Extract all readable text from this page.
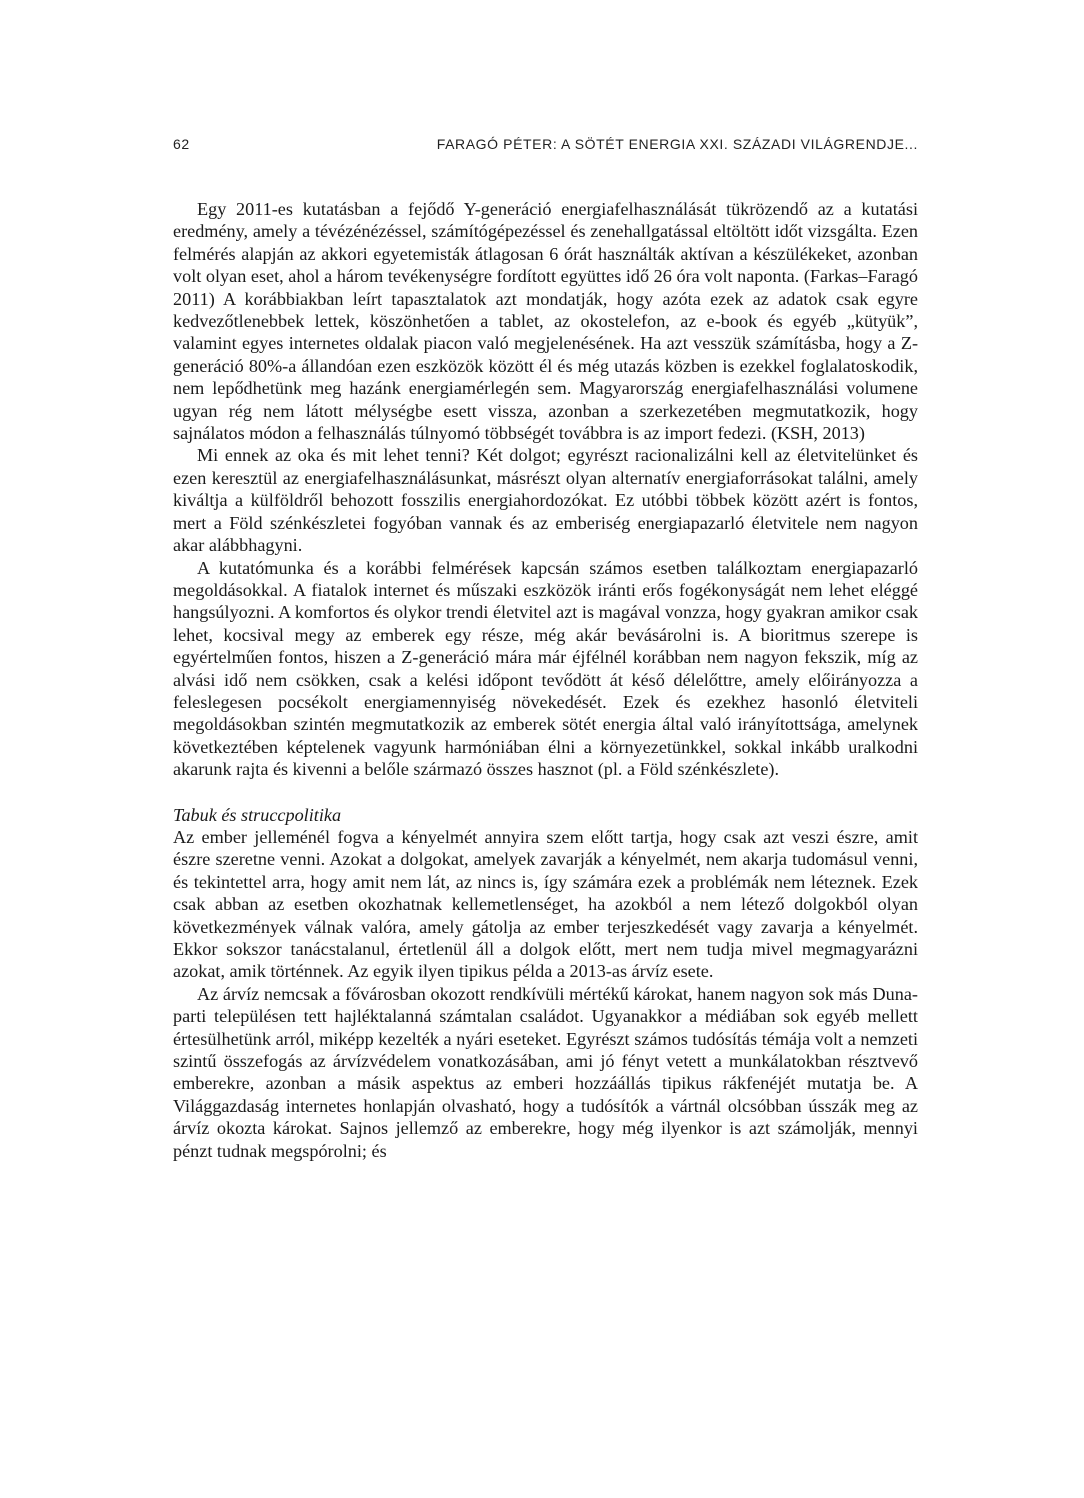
62	FARAGÓ PÉTER: A SÖTÉT ENERGIA XXI. SZÁZADI VILÁGRENDJE...

Egy 2011-es kutatásban a fejődő Y-generáció energiafelhasználását tükrözendő az a kutatási eredmény, amely a tévézénézéssel, számítógépezéssel és zenehallgatással eltöltött időt vizsgálta. Ezen felmérés alapján az akkori egyetemisták átlagosan 6 órát használták aktívan a készülékeket, azonban volt olyan eset, ahol a három tevékenységre fordított együttes idő 26 óra volt naponta. (Farkas–Faragó 2011) A korábbiakban leírt tapasztalatok azt mondatják, hogy azóta ezek az adatok csak egyre kedvezőtlenebbek lettek, köszönhetően a tablet, az okostelefon, az e-book és egyéb „kütyük”, valamint egyes internetes oldalak piacon való megjelenésének. Ha azt vesszük számításba, hogy a Z-generáció 80%-a állandóan ezen eszközök között él és még utazás közben is ezekkel foglalatoskodik, nem lepődhetünk meg hazánk energiamérlegén sem. Magyarország energiafelhasználási volumene ugyan rég nem látott mélységbe esett vissza, azonban a szerkezetében megmutatkozik, hogy sajnálatos módon a felhasználás túlnyomó többségét továbbra is az import fedezi. (KSH, 2013)

Mi ennek az oka és mit lehet tenni? Két dolgot; egyrészt racionalizálni kell az életvitelünket és ezen keresztül az energiafelhasználásunkat, másrészt olyan alternatív energiaforrásokat találni, amely kiváltja a külföldről behozott fosszilis energiahordozókat. Ez utóbbi többek között azért is fontos, mert a Föld szénkészletei fogyóban vannak és az emberiség energiapazarló életvitele nem nagyon akar alábbhagyni.

A kutatómunka és a korábbi felmérések kapcsán számos esetben találkoztam energiapazarló megoldásokkal. A fiatalok internet és műszaki eszközök iránti erős fogékonyságát nem lehet eléggé hangsúlyozni. A komfortos és olykor trendi életvitel azt is magával vonzza, hogy gyakran amikor csak lehet, kocsival megy az emberek egy része, még akár bevásárolni is. A bioritmus szerepe is egyértelműen fontos, hiszen a Z-generáció mára már éjfélnél korábban nem nagyon fekszik, míg az alvási idő nem csökken, csak a kelési időpont tevődött át késő délelőttre, amely előirányozza a feleslegesen pocsékolt energiamennyiség növekedését. Ezek és ezekhez hasonló életviteli megoldásokban szintén megmutatkozik az emberek sötét energia által való irányítottsága, amelynek következtében képtelenek vagyunk harmóniában élni a környezetünkkel, sokkal inkább uralkodni akarunk rajta és kivenni a belőle származó összes hasznot (pl. a Föld szénkészlete).

Tabuk és struccpolitika

Az ember jelleménél fogva a kényelmét annyira szem előtt tartja, hogy csak azt veszi észre, amit észre szeretne venni. Azokat a dolgokat, amelyek zavarják a kényelmét, nem akarja tudomásul venni, és tekintettel arra, hogy amit nem lát, az nincs is, így számára ezek a problémák nem léteznek. Ezek csak abban az esetben okozhatnak kellemetlenséget, ha azokból a nem létező dolgokból olyan következmények válnak valóra, amely gátolja az ember terjeszkedését vagy zavarja a kényelmét. Ekkor sokszor tanácstalanul, értetlenül áll a dolgok előtt, mert nem tudja mivel megmagyarázni azokat, amik történnek. Az egyik ilyen tipikus példa a 2013-as árvíz esete.

Az árvíz nemcsak a fővárosban okozott rendkívüli mértékű károkat, hanem nagyon sok más Duna-parti településen tett hajléktalanná számtalan családot. Ugyanakkor a médiában sok egyéb mellett értesülhetünk arról, miképp kezelték a nyári eseteket. Egyrészt számos tudósítás témája volt a nemzeti szintű összefogás az árvízvédelem vonatkozásában, ami jó fényt vetett a munkálatokban résztvevő emberekre, azonban a másik aspektus az emberi hozzáállás tipikus rákfenéjét mutatja be. A Világgazdaság internetes honlapján olvasható, hogy a tudósítók a vártnál olcsóbban ússzák meg az árvíz okozta károkat. Sajnos jellemző az emberekre, hogy még ilyenkor is azt számolják, mennyi pénzt tudnak megspórolni; és
